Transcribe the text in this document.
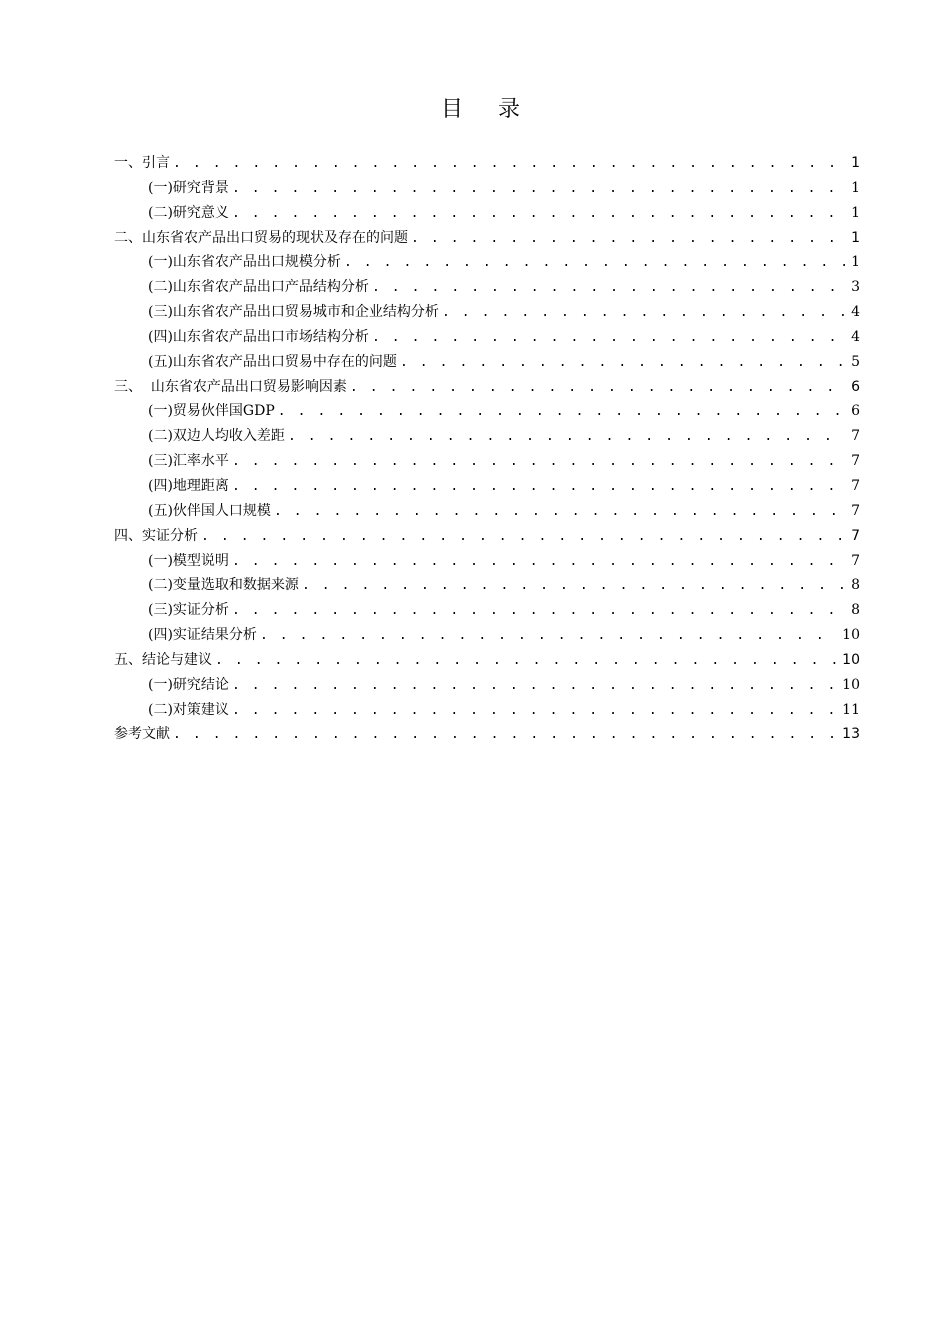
目 录
一、引言 . . .	1
(一)研究背景 . . .	1
(二)研究意义 . . .	1
二、山东省农产品出口贸易的现状及存在的问题 . . .	1
(一)山东省农产品出口规模分析 . . .	1
(二)山东省农产品出口产品结构分析 . . .	3
(三)山东省农产品出口贸易城市和企业结构分析 . . .	4
(四)山东省农产品出口市场结构分析 . . .	4
(五)山东省农产品出口贸易中存在的问题 . . .	5
三、  山东省农产品出口贸易影响因素 . . .	6
(一)贸易伙伴国GDP . . .	6
(二)双边人均收入差距 . . .	7
(三)汇率水平 . . .	7
(四)地理距离 . . .	7
(五)伙伴国人口规模 . . .	7
四、实证分析 . . .	7
(一)模型说明 . . .	7
(二)变量选取和数据来源 . . .	8
(三)实证分析 . . .	8
(四)实证结果分析 . . .	10
五、结论与建议 . . .	10
(一)研究结论 . . .	10
(二)对策建议 . . .	11
参考文献 . . .	13
